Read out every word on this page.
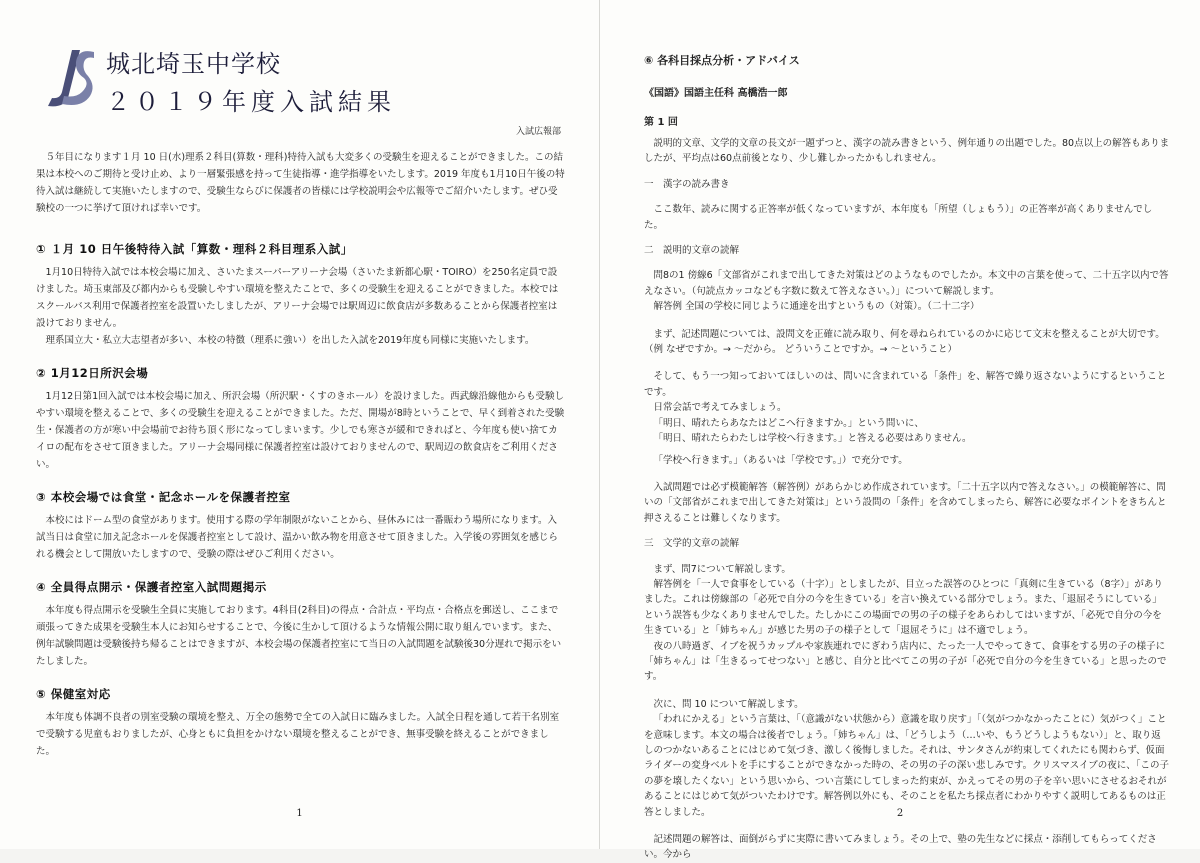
城北埼玉中学校
２０１９年度入試結果
入試広報部

５年目になります１月 10 日(水)理系２科目(算数・理科)特待入試も大変多くの受験生を迎えることができました。この結果は本校へのご期待と受け止め、より一層緊張感を持って生徒指導・進学指導をいたします。2019 年度も1月10日午後の特待入試は継続して実施いたしますので、受験生ならびに保護者の皆様には学校説明会や広報等でご紹介いたします。ぜひ受験校の一つに挙げて頂ければ幸いです。

① １月 10 日午後特待入試「算数・理科２科目理系入試」

1月10日特待入試では本校会場に加え、さいたまスーパーアリーナ会場（さいたま新都心駅・TOIRO）を250名定員で設けました。埼玉東部及び都内からも受験しやすい環境を整えたことで、多くの受験生を迎えることができました。本校ではスクールバス利用で保護者控室を設置いたしましたが、アリーナ会場では駅周辺に飲食店が多数あることから保護者控室は設けておりません。

理系国立大・私立大志望者が多い、本校の特徴（理系に強い）を出した入試を2019年度も同様に実施いたします。

② 1月12日所沢会場

1月12日第1回入試では本校会場に加え、所沢会場（所沢駅・くすのきホール）を設けました。西武線沿線他からも受験しやすい環境を整えることで、多くの受験生を迎えることができました。ただ、開場が8時ということで、早く到着された受験生・保護者の方が寒い中会場前でお待ち頂く形になってしまいます。少しでも寒さが緩和できればと、今年度も使い捨てカイロの配布をさせて頂きました。アリーナ会場同様に保護者控室は設けておりませんので、駅周辺の飲食店をご利用ください。

③ 本校会場では食堂・記念ホールを保護者控室

本校にはドーム型の食堂があります。使用する際の学年制限がないことから、昼休みには一番賑わう場所になります。入試当日は食堂に加え記念ホールを保護者控室として設け、温かい飲み物を用意させて頂きました。入学後の雰囲気を感じられる機会として開放いたしますので、受験の際はぜひご利用ください。

④ 全員得点開示・保護者控室入試問題掲示

本年度も得点開示を受験生全員に実施しております。4科目(2科目)の得点・合計点・平均点・合格点を郵送し、ここまで頑張ってきた成果を受験生本人にお知らせすることで、今後に生かして頂けるような情報公開に取り組んでいます。また、例年試験問題は受験後持ち帰ることはできますが、本校会場の保護者控室にて当日の入試問題を試験後30分遅れで掲示をいたしました。

⑤ 保健室対応

本年度も体調不良者の別室受験の環境を整え、万全の態勢で全ての入試日に臨みました。入試全日程を通して若干名別室で受験する児童もおりましたが、心身ともに負担をかけない環境を整えることができ、無事受験を終えることができました。

1
⑥ 各科目採点分析・アドバイス
《国語》国語主任科 高橋浩一郎
第 1 回

説明的文章、文学的文章の長文が一題ずつと、漢字の読み書きという、例年通りの出題でした。80点以上の解答もありましたが、平均点は60点前後となり、少し難しかったかもしれません。

一　漢字の読み書き

ここ数年、読みに関する正答率が低くなっていますが、本年度も「所望（しょもう）」の正答率が高くありませんでした。

二　説明的文章の読解

問8の1 傍線6「文部省がこれまで出してきた対策はどのようなものでしたか。本文中の言葉を使って、二十五字以内で答えなさい。（句読点カッコなども字数に数えて答えなさい。）」について解説します。

解答例 全国の学校に同じように通達を出すというもの（対策）。（二十二字）

まず、記述問題については、設問文を正確に読み取り、何を尋ねられているのかに応じて文末を整えることが大切です。

（例 なぜですか。→ ～だから。 どういうことですか。→ ～ということ）

そして、もう一つ知っておいてほしいのは、問いに含まれている「条件」を、解答で繰り返さないようにするということです。

日常会話で考えてみましょう。

「明日、晴れたらあなたはどこへ行きますか。」という問いに、

「明日、晴れたらわたしは学校へ行きます。」と答える必要はありません。

「学校へ行きます。」（あるいは「学校です。」）で充分です。

入試問題では必ず模範解答（解答例）があらかじめ作成されています。「二十五字以内で答えなさい。」の模範解答に、問いの「文部省がこれまで出してきた対策は」という設問の「条件」を含めてしまったら、解答に必要なポイントをきちんと押さえることは難しくなります。

三　文学的文章の読解

まず、問7について解説します。

解答例を「一人で食事をしている（十字）」としましたが、目立った誤答のひとつに「真剣に生きている（8字）」がありました。これは傍線部の「必死で自分の今を生きている」を言い換えている部分でしょう。また、「退屈そうにしている」という誤答も少なくありませんでした。たしかにこの場面での男の子の様子をあらわしてはいますが、「必死で自分の今を生きている」と「姉ちゃん」が感じた男の子の様子として「退屈そうに」は不適でしょう。

夜の八時過ぎ、イブを祝うカップルや家族連れでにぎわう店内に、たった一人でやってきて、食事をする男の子の様子に「姉ちゃん」は「生きるってせつない」と感じ、自分と比べてこの男の子が「必死で自分の今を生きている」と思ったのです。

次に、問 10 について解説します。

「われにかえる」という言葉は、「（意識がない状態から）意識を取り戻す」「（気がつかなかったことに）気がつく」ことを意味します。本文の場合は後者でしょう。「姉ちゃん」は、「どうしよう（…いや、もうどうしようもない）」と、取り返しのつかないあることにはじめて気づき、激しく後悔しました。それは、サンタさんが約束してくれたにも関わらず、仮面ライダーの変身ベルトを手にすることができなかった時の、その男の子の深い悲しみです。クリスマスイブの夜に、「この子の夢を壊したくない」という思いから、つい言葉にしてしまった約束が、かえってその男の子を辛い思いにさせるおそれがあることにはじめて気がついたわけです。解答例以外にも、そのことを私たち採点者にわかりやすく説明してあるものは正答としました。

記述問題の解答は、面倒がらずに実際に書いてみましょう。その上で、塾の先生などに採点・添削してもらってください。今から

2
